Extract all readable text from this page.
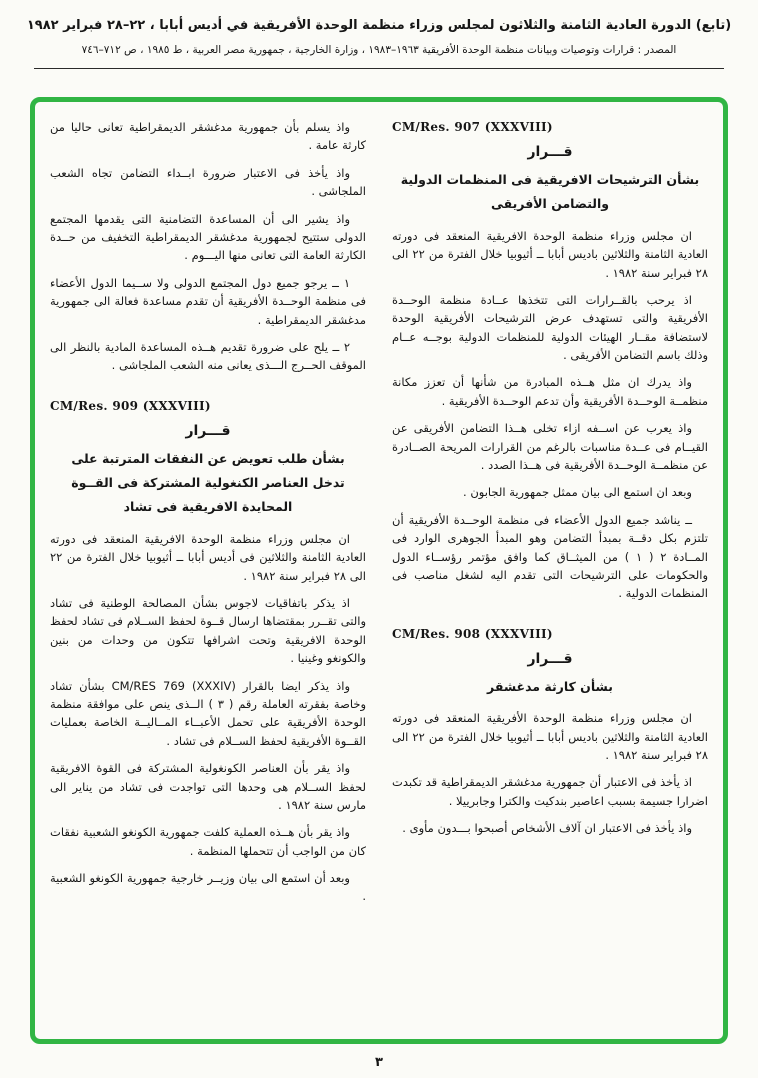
(تابع) الدورة العادية الثامنة والثلاثون لمجلس وزراء منظمة الوحدة الأفريقية في أديس أبابا ، ٢٢–٢٨ فبراير ١٩٨٢
المصدر : قرارات وتوصيات وبيانات منظمة الوحدة الأفريقية ١٩٦٣–١٩٨٣ ، وزارة الخارجية ، جمهورية مصر العربية ، ط ١٩٨٥ ، ص ٧١٢–٧٤٦
CM/Res. 907 (XXXVIII)
قـــرار
بشأن الترشيحات الافريقية فى المنظمات الدولية والتضامن الأفريقى

ان مجلس وزراء منظمة الوحدة الافريقية المنعقد فى دورته العادية الثامنة والثلاثين باديس أبابا ــ أثيوبيا خلال الفترة من ٢٢ الى ٢٨ فبراير سنة ١٩٨٢ .

اذ يرحب بالقــرارات التى تتخذها عــادة منظمة الوحــدة الأفريقية والتى تستهدف عرض الترشيحات الأفريقية الوحدة لاستضافة مقــار الهيئات الدولية للمنظمات الدولية بوجــه عــام وذلك باسم التضامن الأفريقى .

واذ يدرك ان مثل هــذه المبادرة من شأنها أن تعزز مكانة منظمــة الوحــدة الأفريقية وأن تدعم الوحــدة الأفريقية .

واذ يعرب عن اســفه ازاء تخلى هــذا التضامن الأفريقى عن القيــام فى عــدة مناسبات بالرغم من القرارات المريحة الصــادرة عن منظمــة الوحــدة الأفريقية فى هــذا الصدد .

وبعد ان استمع الى بيان ممثل جمهورية الجابون .

ــ يناشد جميع الدول الأعضاء فى منظمة الوحــدة الأفريقية أن تلتزم بكل دقــة بمبدأ التضامن وهو المبدأ الجوهرى الوارد فى المــادة ٢ ( ١ ) من الميثــاق كما وافق مؤتمر رؤســاء الدول والحكومات على الترشيحات التى تقدم اليه لشغل مناصب فى المنظمات الدولية .

CM/Res. 908 (XXXVIII)
قـــرار
بشأن كارثة مدغشقر

ان مجلس وزراء منظمة الوحدة الأفريقية المنعقد فى دورته العادية الثامنة والثلاثين باديس أبابا ــ أثيوبيا خلال الفترة من ٢٢ الى ٢٨ فبراير سنة ١٩٨٢ .

اذ يأخذ فى الاعتبار أن جمهورية مدغشقر الديمقراطية قد تكبدت اضرارا جسيمة بسبب اعاصير بندكيت والكترا وجابرييلا .

واذ يأخذ فى الاعتبار ان آلاف الأشخاص أصبحوا بـــدون مأوى .

واذ يسلم بأن جمهورية مدغشقر الديمقراطية تعانى حاليا من كارثة عامة .

واذ يأخذ فى الاعتبار ضرورة ابــداء التضامن تجاه الشعب الملجاشى .

واذ يشير الى أن المساعدة التضامنية التى يقدمها المجتمع الدولى ستتيح لجمهورية مدغشقر الديمقراطية التخفيف من حــدة الكارثة العامة التى تعانى منها اليـــوم .

١ ــ يرجو جميع دول المجتمع الدولى ولا ســيما الدول الأعضاء فى منظمة الوحــدة الأفريقية أن تقدم مساعدة فعالة الى جمهورية مدغشقر الديمقراطية .

٢ ــ يلح على ضرورة تقديم هــذه المساعدة المادية بالنظر الى الموقف الحــرج الـــذى يعانى منه الشعب الملجاشى .

CM/Res. 909 (XXXVIII)
قـــرار
بشأن طلب تعويض عن النفقات المترتبة على تدخل العناصر الكنغولية المشتركة فى القــوة المحايدة الافريقية فى تشاد

ان مجلس وزراء منظمة الوحدة الافريقية المنعقد فى دورته العادية الثامنة والثلاثين فى أديس أبابا ــ أثيوبيا خلال الفترة من ٢٢ الى ٢٨ فبراير سنة ١٩٨٢ .

اذ يذكر باتفاقيات لاجوس بشأن المصالحة الوطنية فى تشاد والتى تقــرر بمقتضاها ارسال قــوة لحفظ الســلام فى تشاد لحفظ الوحدة الافريقية وتحت اشرافها تتكون من وحدات من بنين والكونغو وغينيا .

واذ يذكر ايضا بالقرار CM/RES 769 (XXXIV) بشأن تشاد وخاصة بفقرته العاملة رقم ( ٣ ) الــذى ينص على موافقة منظمة الوحدة الأفريقية على تحمل الأعبــاء المــاليــة الخاصة بعمليات القــوة الأفريقية لحفظ الســلام فى تشاد .

واذ يقر بأن العناصر الكونغولية المشتركة فى القوة الافريقية لحفظ الســلام هى وحدها التى تواجدت فى تشاد من يناير الى مارس سنة ١٩٨٢ .

واذ يقر بأن هــذه العملية كلفت جمهورية الكونغو الشعبية نفقات كان من الواجب أن تتحملها المنظمة .

وبعد أن استمع الى بيان وزيــر خارجية جمهورية الكونغو الشعبية .

٣
